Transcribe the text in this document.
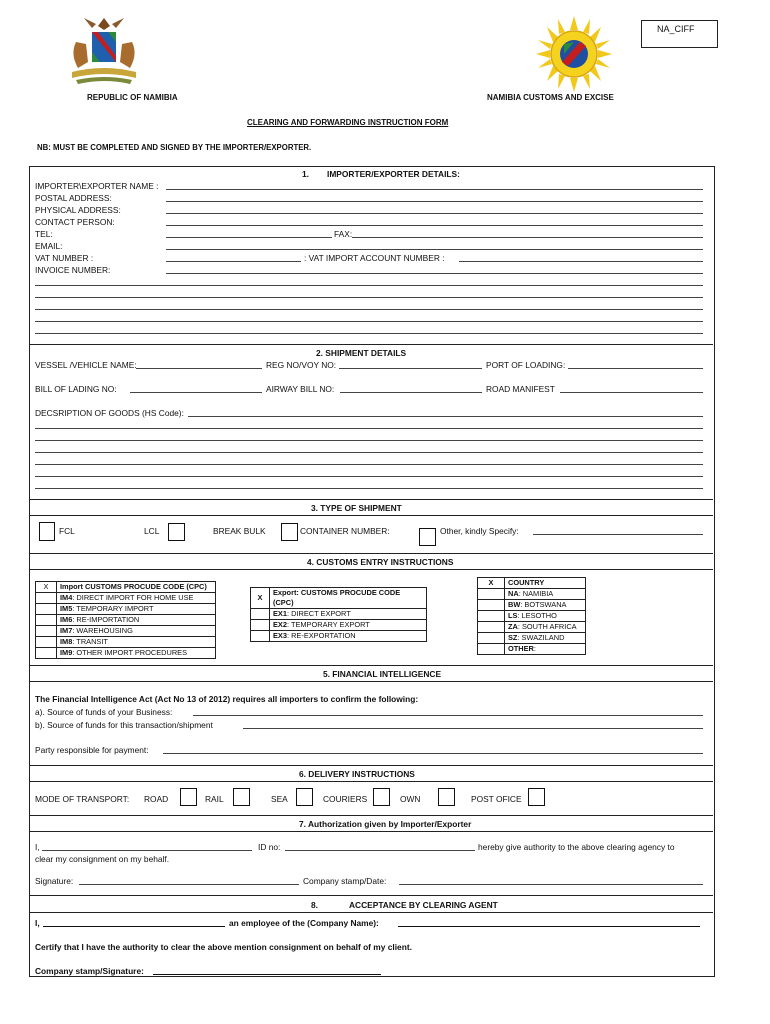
NA_CIFF
REPUBLIC OF NAMIBIA	NAMIBIA CUSTOMS AND EXCISE
CLEARING AND FORWARDING INSTRUCTION FORM
NB: MUST BE COMPLETED AND SIGNED BY THE IMPORTER/EXPORTER.
1. IMPORTER/EXPORTER DETAILS:
IMPORTER\EXPORTER NAME :
POSTAL ADDRESS:
PHYSICAL ADDRESS:
CONTACT PERSON:
TEL:	FAX:
EMAIL:
VAT NUMBER :	: VAT IMPORT ACCOUNT NUMBER :
INVOICE NUMBER:
2. SHIPMENT DETAILS
VESSEL /VEHICLE NAME:	REG NO/VOY NO:	PORT OF LOADING:
BILL OF LADING NO:	AIRWAY BILL NO:	ROAD MANIFEST
DECSRIPTION OF GOODS (HS Code):
3. TYPE OF SHIPMENT
FCL	LCL	BREAK BULK	CONTAINER NUMBER:	Other, kindly Specify:
4. CUSTOMS ENTRY INSTRUCTIONS
X	Import CUSTOMS PROCUDE CODE (CPC)
	IM4: DIRECT IMPORT FOR HOME USE
	IM5: TEMPORARY IMPORT
	IM6: RE-IMPORTATION
	IM7: WAREHOUSING
	IM8: TRANSIT
	IM9: OTHER IMPORT PROCEDURES
X	Export: CUSTOMS PROCUDE CODE
	(CPC)
	EX1: DIRECT EXPORT
	EX2: TEMPORARY EXPORT
	EX3: RE-EXPORTATION
X	COUNTRY
	NA: NAMIBIA
	BW: BOTSWANA
	LS: LESOTHO
	ZA: SOUTH AFRICA
	SZ: SWAZILAND
	OTHER:
5. FINANCIAL INTELLIGENCE
The Financial Intelligence Act (Act No 13 of 2012) requires all importers to confirm the following:
a). Source of funds of your Business:
b). Source of funds for this transaction/shipment
Party responsible for payment:
6. DELIVERY INSTRUCTIONS
MODE OF TRANSPORT: ROAD	RAIL	SEA	COURIERS	OWN	POST OFICE
7. Authorization given by Importer/Exporter
I,	ID no:	hereby give authority to the above clearing agency to
clear my consignment on my behalf.
Signature:	Company stamp/Date:
8.	ACCEPTANCE BY CLEARING AGENT
I,	an employee of the (Company Name):
Certify that I have the authority to clear the above mention consignment on behalf of my client.
Company stamp/Signature:
